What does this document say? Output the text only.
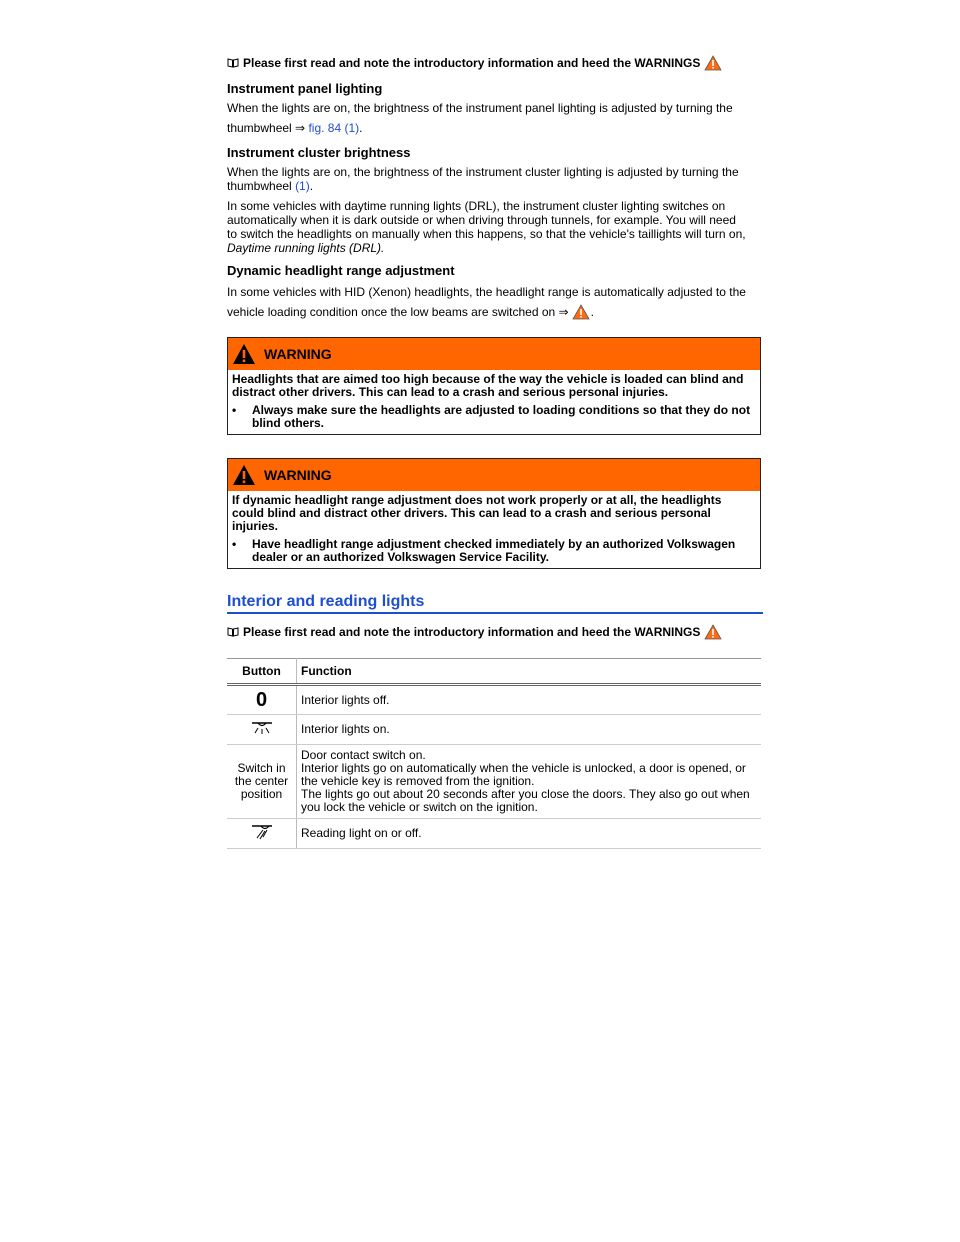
Please first read and note the introductory information and heed the WARNINGS
Instrument panel lighting

When the lights are on, the brightness of the instrument panel lighting is adjusted by turning the

thumbwheel ⇒ fig. 84 (1).

Instrument cluster brightness

When the lights are on, the brightness of the instrument cluster lighting is adjusted by turning the
thumbwheel (1).

In some vehicles with daytime running lights (DRL), the instrument cluster lighting switches on automatically when it is dark outside or when driving through tunnels, for example. You will need to switch the headlights on manually when this happens, so that the vehicle's taillights will turn on,
Daytime running lights (DRL).

Dynamic headlight range adjustment

In some vehicles with HID (Xenon) headlights, the headlight range is automatically adjusted to the

vehicle loading condition once the low beams are switched on ⇒ .

WARNING
Headlights that are aimed too high because of the way the vehicle is loaded can blind and distract other drivers. This can lead to a crash and serious personal injuries.
•	Always make sure the headlights are adjusted to loading conditions so that they do not blind others.
WARNING
If dynamic headlight range adjustment does not work properly or at all, the headlights could blind and distract other drivers. This can lead to a crash and serious personal injuries.
•	Have headlight range adjustment checked immediately by an authorized Volkswagen dealer or an authorized Volkswagen Service Facility.
Interior and reading lights
Please first read and note the introductory information and heed the WARNINGS
Button	Function
0	Interior lights off.
	Interior lights on.
Switch in the center position	Door contact switch on.
Interior lights go on automatically when the vehicle is unlocked, a door is opened, or the vehicle key is removed from the ignition.
The lights go out about 20 seconds after you close the doors. They also go out when you lock the vehicle or switch on the ignition.

	Reading light on or off.
